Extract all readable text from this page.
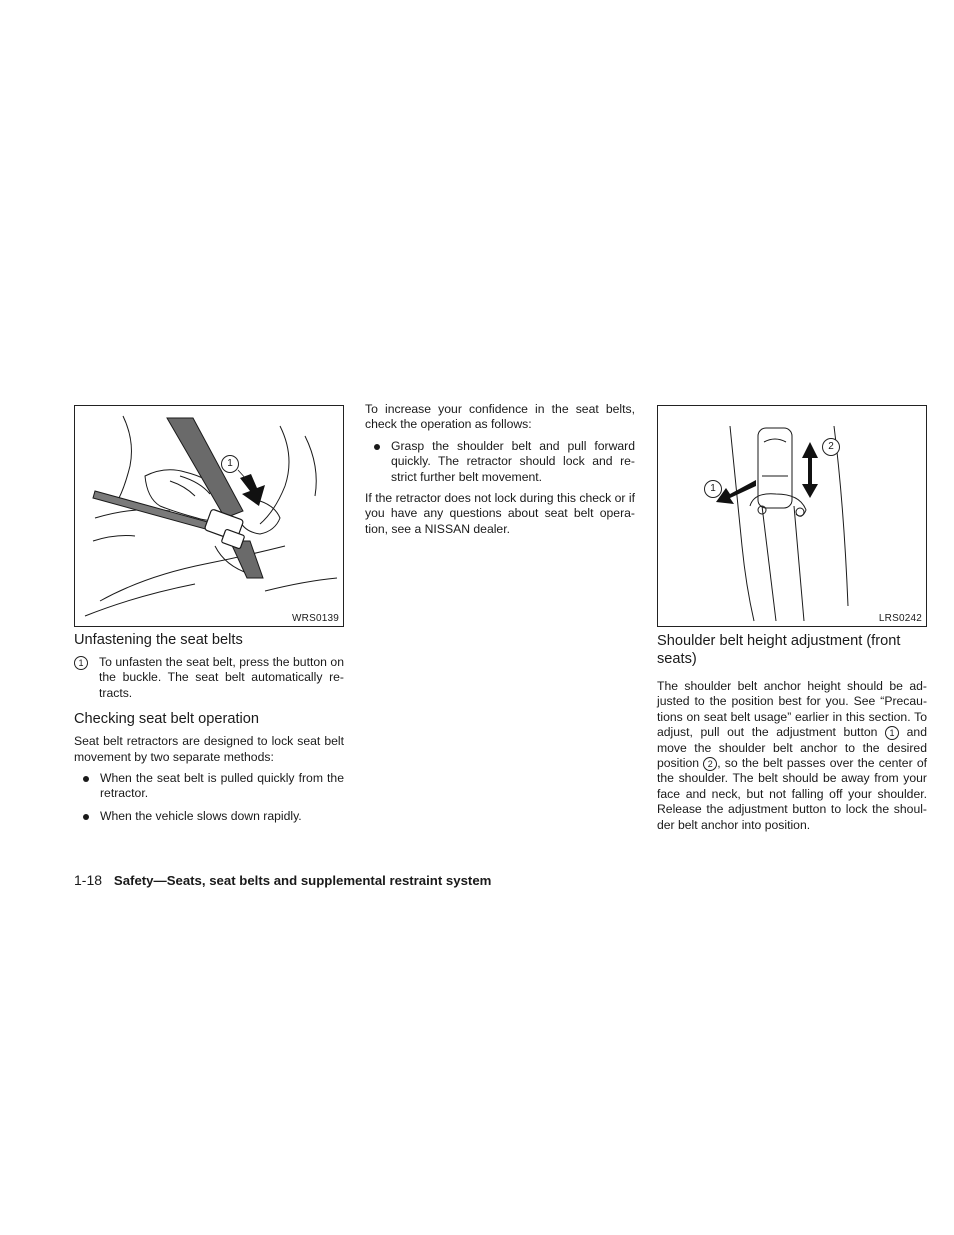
1
WRS0139
Unfastening the seat belts
1	To unfasten the seat belt, press the button on the buckle. The seat belt automatically re-tracts.
Checking seat belt operation

Seat belt retractors are designed to lock seat belt movement by two separate methods:

When the seat belt is pulled quickly from the retractor.
When the vehicle slows down rapidly.

To increase your confidence in the seat belts, check the operation as follows:

Grasp the shoulder belt and pull forward quickly. The retractor should lock and re-strict further belt movement.

If the retractor does not lock during this check or if you have any questions about seat belt opera-tion, see a NISSAN dealer.

1
2
LRS0242
Shoulder belt height adjustment (front seats)

The shoulder belt anchor height should be ad-justed to the position best for you. See “Precau-tions on seat belt usage” earlier in this section. To adjust, pull out the adjustment button 1 and move the shoulder belt anchor to the desired position 2 , so the belt passes over the center of the shoulder. The belt should be away from your face and neck, but not falling off your shoulder. Release the adjustment button to lock the shoul-der belt anchor into position.

1-18 Safety—Seats, seat belts and supplemental restraint system
